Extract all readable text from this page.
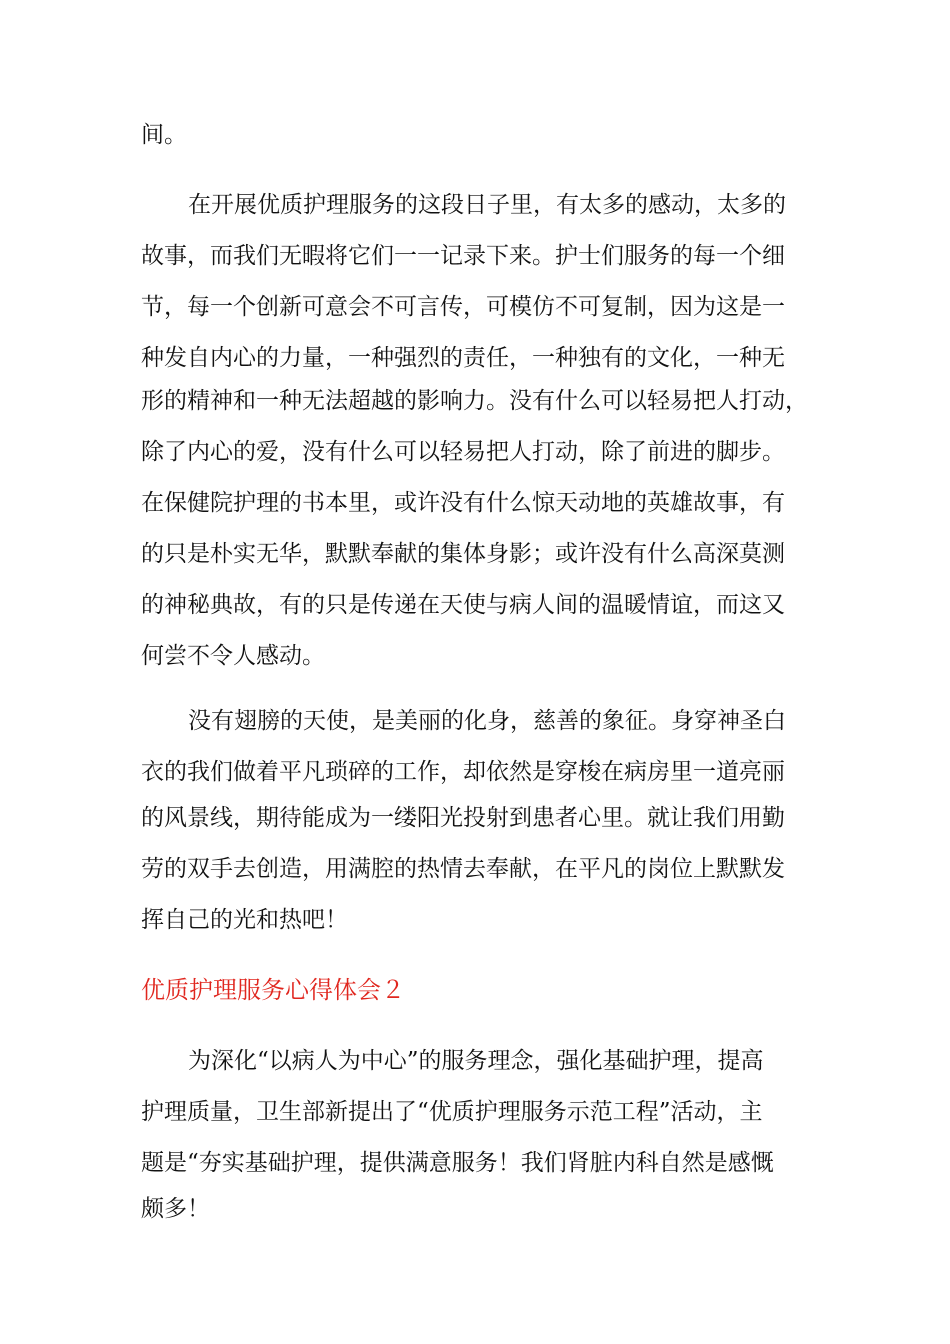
间。

在开展优质护理服务的这段日子里，有太多的感动，太多的

故事，而我们无暇将它们一一记录下来。护士们服务的每一个细

节，每一个创新可意会不可言传，可模仿不可复制，因为这是一

种发自内心的力量，一种强烈的责任，一种独有的文化，一种无

形的精神和一种无法超越的影响力。没有什么可以轻易把人打动，

除了内心的爱，没有什么可以轻易把人打动，除了前进的脚步。

在保健院护理的书本里，或许没有什么惊天动地的英雄故事，有

的只是朴实无华，默默奉献的集体身影；或许没有什么高深莫测

的神秘典故，有的只是传递在天使与病人间的温暖情谊，而这又

何尝不令人感动。

没有翅膀的天使，是美丽的化身，慈善的象征。身穿神圣白

衣的我们做着平凡琐碎的工作，却依然是穿梭在病房里一道亮丽

的风景线，期待能成为一缕阳光投射到患者心里。就让我们用勤

劳的双手去创造，用满腔的热情去奉献，在平凡的岗位上默默发

挥自己的光和热吧！

优质护理服务心得体会２

为深化“以病人为中心”的服务理念，强化基础护理，提高

护理质量，卫生部新提出了“优质护理服务示范工程”活动，主

题是“夯实基础护理，提供满意服务！我们肾脏内科自然是感慨

颇多！
